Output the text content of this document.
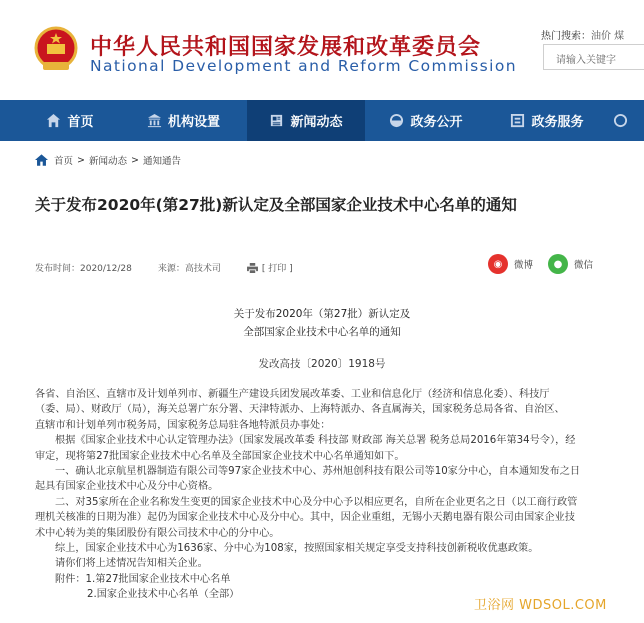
中华人民共和国国家发展和改革委员会
National Development and Reform Commission
热门搜索：油价 煤
请输入关键字
首页	机构设置	新闻动态	政务公开	政务服务
首页 > 新闻动态 > 通知通告
关于发布2020年(第27批)新认定及全部国家企业技术中心名单的通知
发布时间：2020/12/28	来源：高技术司	[ 打印 ]	◉	微博	●	微信
关于发布2020年（第27批）新认定及
全部国家企业技术中心名单的通知
发改高技〔2020〕1918号

各省、自治区、直辖市及计划单列市、新疆生产建设兵团发展改革委、工业和信息化厅（经济和信息化委）、科技厅

（委、局）、财政厅（局），海关总署广东分署、天津特派办、上海特派办、各直属海关，国家税务总局各省、自治区、

直辖市和计划单列市税务局，国家税务总局驻各地特派员办事处：

根据《国家企业技术中心认定管理办法》（国家发展改革委 科技部 财政部 海关总署 税务总局2016年第34号令），经

审定，现将第27批国家企业技术中心名单及全部国家企业技术中心名单通知如下。

一、确认北京航星机器制造有限公司等97家企业技术中心、苏州旭创科技有限公司等10家分中心，自本通知发布之日

起具有国家企业技术中心及分中心资格。

二、对35家所在企业名称发生变更的国家企业技术中心及分中心予以相应更名，自所在企业更名之日（以工商行政管

理机关核准的日期为准）起仍为国家企业技术中心及分中心。其中，因企业重组，无锡小天鹅电器有限公司由国家企业技

术中心转为美的集团股份有限公司技术中心的分中心。

综上，国家企业技术中心为1636家、分中心为108家，按照国家相关规定享受支持科技创新税收优惠政策。

请你们将上述情况告知相关企业。

附件：1.第27批国家企业技术中心名单

2.国家企业技术中心名单（全部）

卫浴网 WDSOL.COM
